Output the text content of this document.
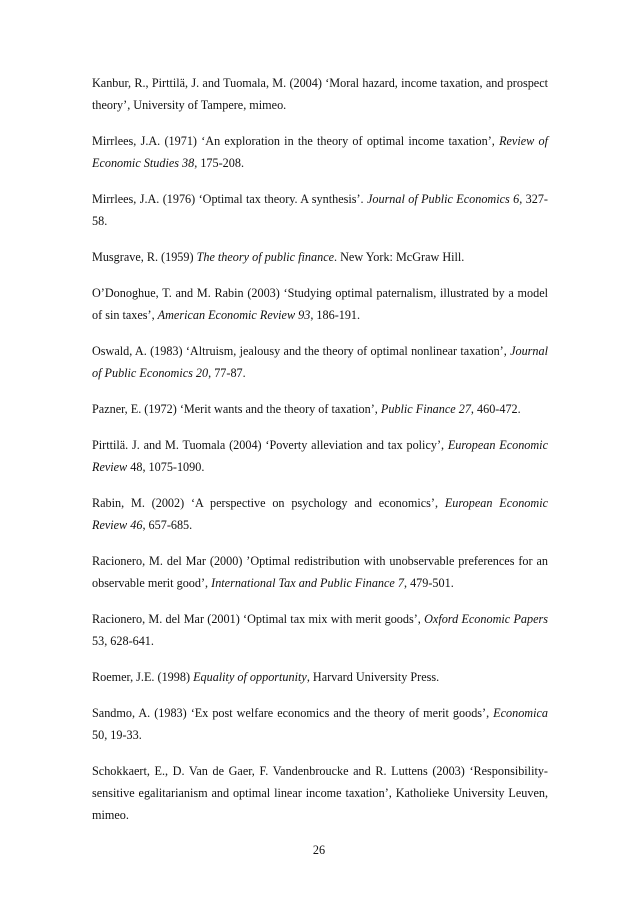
Kanbur, R., Pirttilä, J. and Tuomala, M. (2004) ‘Moral hazard, income taxation, and prospect theory’, University of Tampere, mimeo.

Mirrlees, J.A. (1971) ‘An exploration in the theory of optimal income taxation’, Review of Economic Studies 38, 175-208.

Mirrlees, J.A. (1976) ‘Optimal tax theory. A synthesis’. Journal of Public Economics 6, 327-58.

Musgrave, R. (1959) The theory of public finance. New York: McGraw Hill.

O’Donoghue, T. and M. Rabin (2003) ‘Studying optimal paternalism, illustrated by a model of sin taxes’, American Economic Review 93, 186-191.

Oswald, A. (1983) ‘Altruism, jealousy and the theory of optimal nonlinear taxation’, Journal of Public Economics 20, 77-87.

Pazner, E. (1972) ‘Merit wants and the theory of taxation’, Public Finance 27, 460-472.

Pirttilä. J. and M. Tuomala (2004) ‘Poverty alleviation and tax policy’, European Economic Review 48, 1075-1090.

Rabin, M. (2002) ‘A perspective on psychology and economics’, European Economic Review 46, 657-685.

Racionero, M. del Mar (2000) ’Optimal redistribution with unobservable preferences for an observable merit good’, International Tax and Public Finance 7, 479-501.

Racionero, M. del Mar (2001) ‘Optimal tax mix with merit goods’, Oxford Economic Papers 53, 628-641.

Roemer, J.E. (1998) Equality of opportunity, Harvard University Press.

Sandmo, A. (1983) ‘Ex post welfare economics and the theory of merit goods’, Economica 50, 19-33.

Schokkaert, E., D. Van de Gaer, F. Vandenbroucke and R. Luttens (2003) ‘Responsibility-sensitive egalitarianism and optimal linear income taxation’, Katholieke University Leuven, mimeo.

26
